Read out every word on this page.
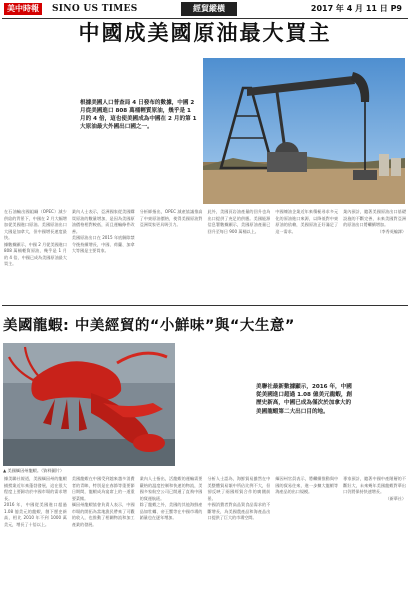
美中時報	SINO US TIMES	經貿縱橫	2017 年 4 月 11 日 P9
中國成美國原油最大買主
根據美國人口普查局 4 日發布的數據，中國 2 月從美國進口 808 萬桶輕質原油，幾乎是 1 月的 4 倍，這也使美國成為中國在 2 月的第 1 大原油最大外國出口國之一。

在石油輸出國組織（OPEC）減少供給的背景下，中國在 2 月大幅增加從美國進口原油。美國原油出口大國是加拿大，但中國增長速度最快。

據數據顯示，中國 2 月從美國進口 808 萬桶輕質原油，幾乎是 1 月的 4 倍，中國已成為美國原油最大買主。

業內人士表示，亞洲國家從美國購買原油的數量增加，是因為美國原油價格相對較低，而且運輸條件改善。

美國原油出口在 2015 年底解除禁令後持續增長，中國、荷蘭、加拿大等國是主要買家。

分析師指出，OPEC 減產協議推高了中東原油價格，使得美國原油對亞洲買家更具吸引力。

此外，美國頁岩油產量的回升也為出口提供了充足的供應。美國能源信息署數據顯示，美國原油產量已回升至每日 900 萬桶以上。

中國煉油企業近年來積極尋求多元化的原油進口來源，以降低對中東原油的依賴，美國原油正好滿足了這一需求。

業內預計，隨著美國原油出口基礎設施的不斷完善，未來美國對亞洲的原油出口將繼續增加。

（李秀英編譯）

美國龍蝦: 中美經貿的“小鮮味”與“大生意”
美聯社最新數據顯示，2016 年，中國從美國進口超過 1.08 億美元龍蝦，創歷史新高，中國已成為僅次於加拿大的美國龍蝦第二大出口目的地。
▲ 美國緬因州龍蝦。（資料圖片）

據美聯社報道，美國緬因州的龍蝦捕撈業近年來蓬勃發展，這在很大程度上要歸功於中國市場的需求增長。

2016 年，中國從美國進口超過 1.08 億美元的龍蝦，創下歷史新高，相比 2010 年不到 1000 萬美元，增長了十倍以上。

美國龍蝦在中國受到越來越多消費者的青睞，特別是在春節等重要節日期間，龍蝦成為宴席上的一道重要菜餚。

緬因州龍蝦協會負責人表示，中國市場的開拓為當地漁民帶來了可觀的收入，也推動了相關物流和加工產業的發展。

業內人士指出，活龍蝦的運輸需要嚴格的溫度控制和快速的物流，美國多家航空公司已開通了直飛中國的貨運航班。

除了龍蝦之外，美國的其他海鮮產品如牡蠣、帝王蟹等在中國市場的銷量也在逐年增加。

分析人士認為，海鮮貿易雖然在中美整體貿易額中所佔比例不大，但卻反映了兩國經貿合作的廣闊前景。

中國消費者對高品質食品需求的不斷增長，為美國農產品和海產品出口提供了巨大的市場空間。

緬因州官員表示，將繼續推動與中國的貿易往來，進一步擴大龍蝦等海產品的出口規模。

專家預計，隨著中國中產階層的不斷壯大，未來幾年美國龍蝦對華出口仍將保持快速增長。

（新華社）
